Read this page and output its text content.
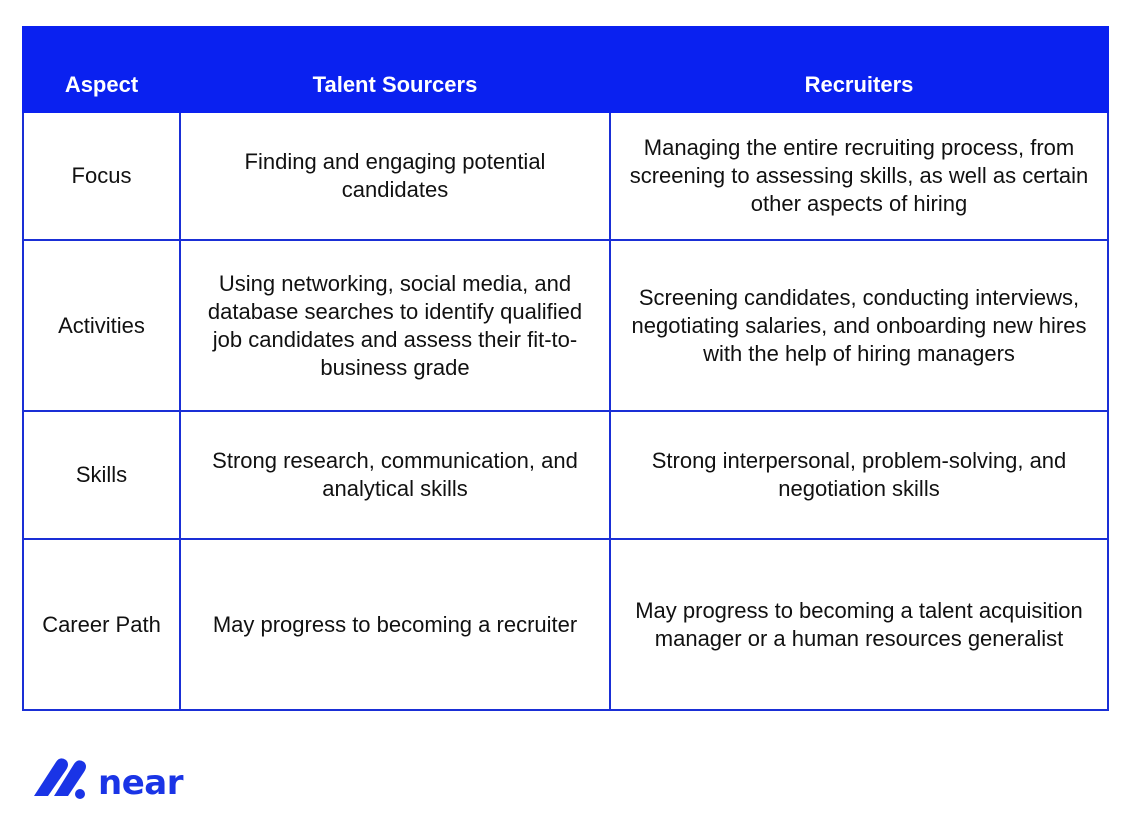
Aspect	Talent Sourcers	Recruiters
Focus	Finding and engaging potential candidates	Managing the entire recruiting process, from screening to assessing skills, as well as certain other aspects of hiring
Activities	Using networking, social media, and database searches to identify qualified job candidates and assess their fit-to-business grade	Screening candidates, conducting interviews, negotiating salaries, and onboarding new hires with the help of hiring managers
Skills	Strong research, communication, and analytical skills	Strong interpersonal, problem-solving, and negotiation skills
Career Path	May progress to becoming a recruiter	May progress to becoming a talent acquisition manager or a human resources generalist
near
